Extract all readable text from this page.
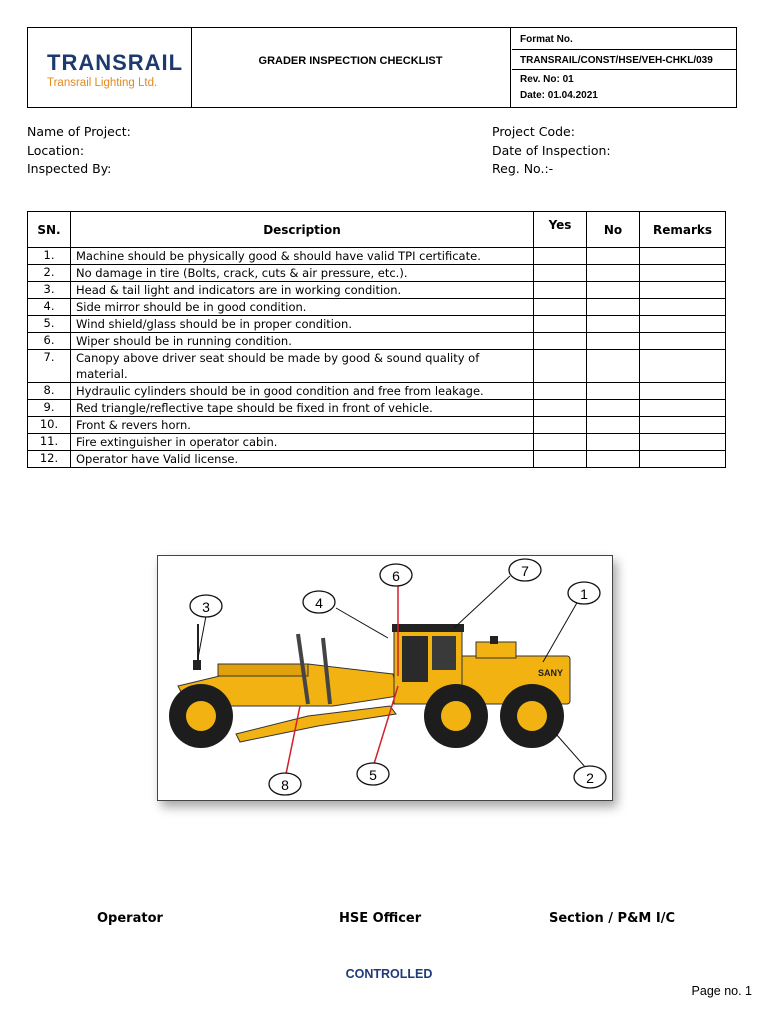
TRANSRAIL
Transrail Lighting Ltd.
GRADER INSPECTION CHECKLIST
Format No.
TRANSRAIL/CONST/HSE/VEH-CHKL/039
Rev. No: 01
Date: 01.04.2021
Name of Project:
Location:
Inspected By:
Project Code:
Date of Inspection:
Reg. No.:-
SN.	Description	Yes	No	Remarks
1.	Machine should be physically good & should have valid TPI certificate.			
2.	No damage in tire (Bolts, crack, cuts & air pressure, etc.).			
3.	Head & tail light and indicators are in working condition.			
4.	Side mirror should be in good condition.			
5.	Wind shield/glass should be in proper condition.			
6.	Wiper should be in running condition.			
7.	Canopy above driver seat should be made by good & sound quality of material.			
8.	Hydraulic cylinders should be in good condition and free from leakage.			
9.	Red triangle/reflective tape should be fixed in front of vehicle.			
10.	Front & revers horn.			
11.	Fire extinguisher in operator cabin.			
12.	Operator have Valid license.			
SANY
1
2
3	4
5
6	7
8
Operator	HSE Officer	Section / P&M I/C
CONTROLLED
Page no. 1
